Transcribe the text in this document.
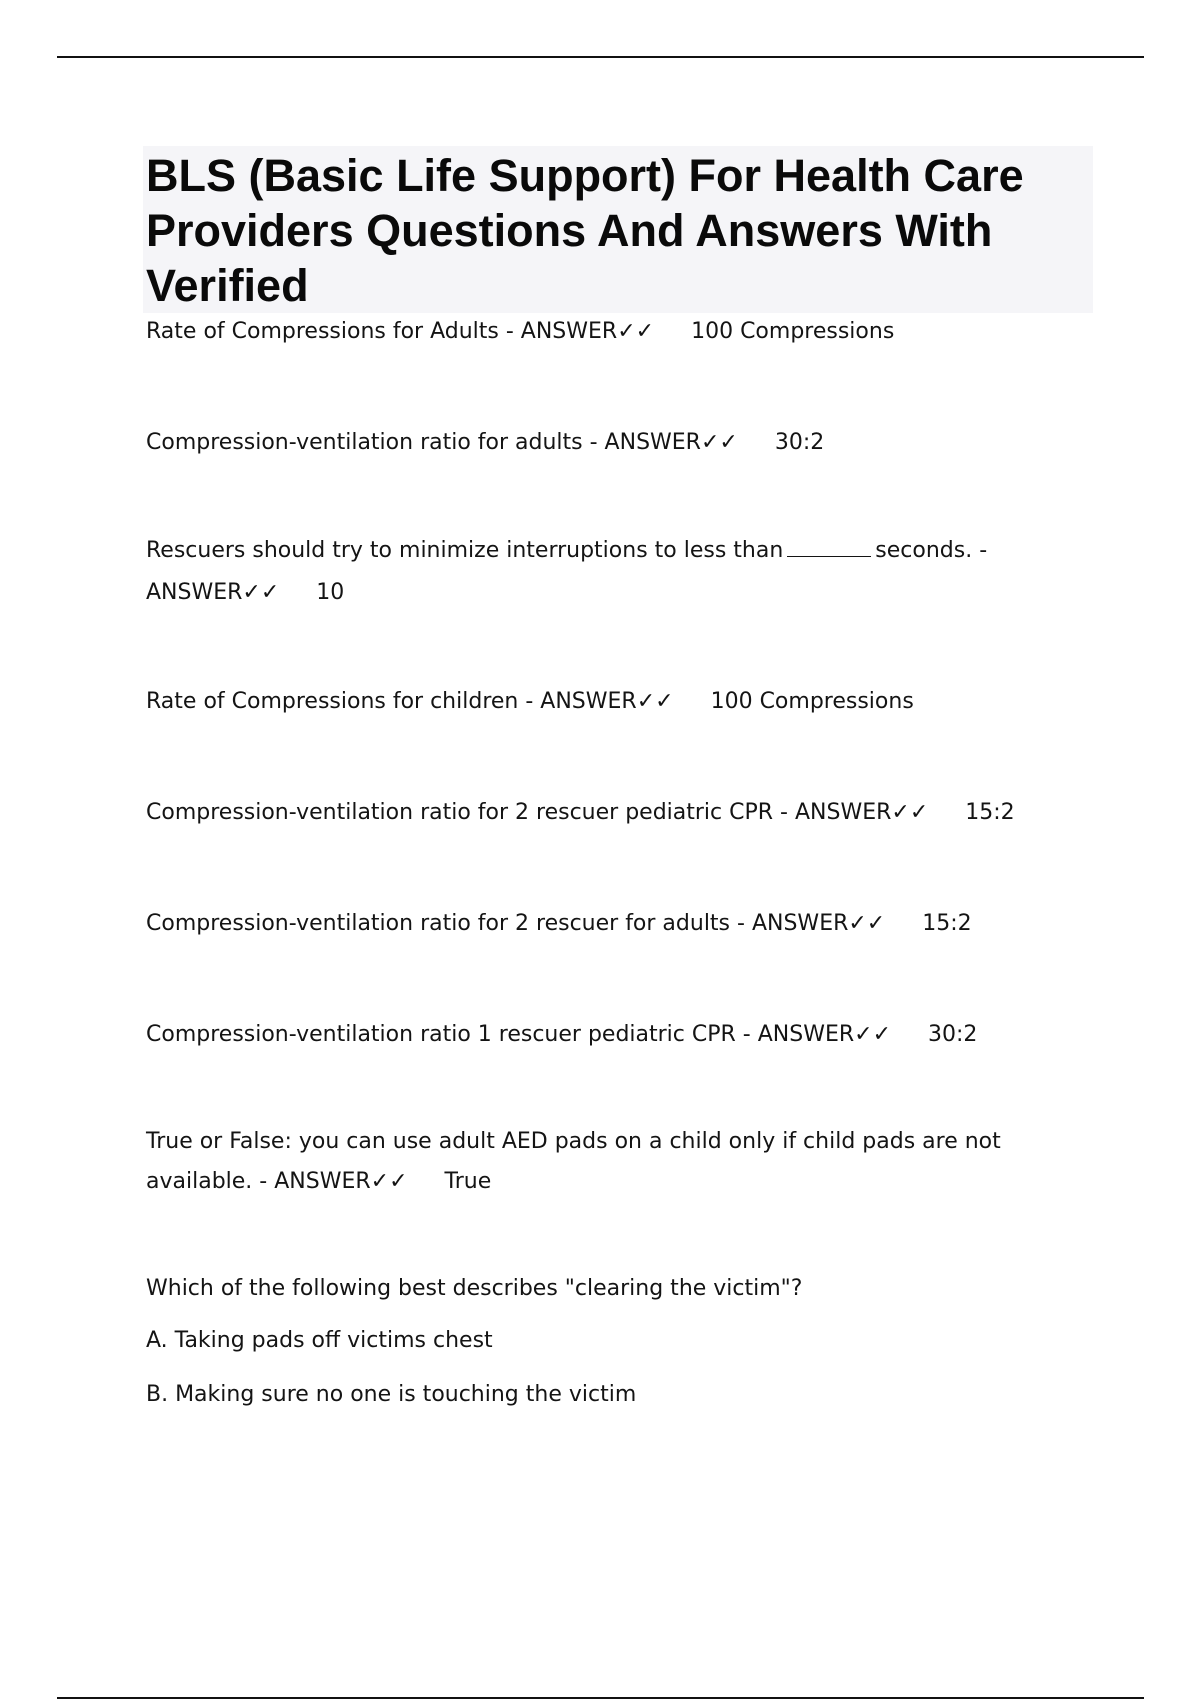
BLS (Basic Life Support) For Health Care Providers Questions And Answers With Verified
Rate of Compressions for Adults - ANSWER✓✓ 100 Compressions
Compression-ventilation ratio for adults - ANSWER✓✓ 30:2
Rescuers should try to minimize interruptions to less than	seconds. -
ANSWER✓✓ 10
Rate of Compressions for children - ANSWER✓✓ 100 Compressions
Compression-ventilation ratio for 2 rescuer pediatric CPR - ANSWER✓✓ 15:2
Compression-ventilation ratio for 2 rescuer for adults - ANSWER✓✓ 15:2
Compression-ventilation ratio 1 rescuer pediatric CPR - ANSWER✓✓ 30:2
True or False: you can use adult AED pads on a child only if child pads are not
available. - ANSWER✓✓ True
Which of the following best describes "clearing the victim"?
A. Taking pads off victims chest
B. Making sure no one is touching the victim
